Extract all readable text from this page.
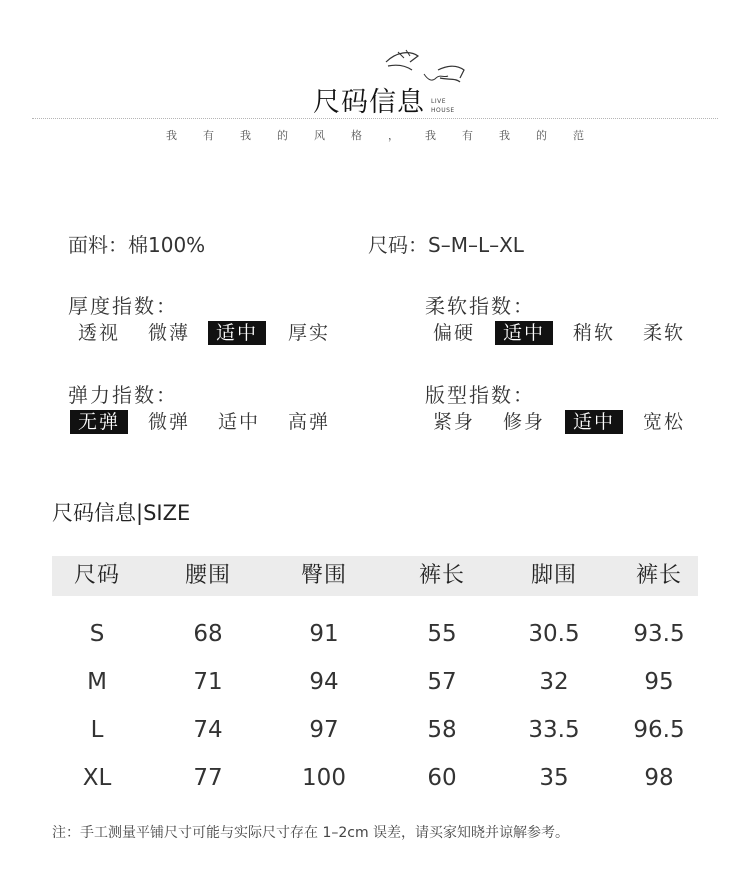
尺码信息 LIVE
HOUSE
我 有 我 的 风 格 ， 我 有 我 的 范
面料：棉100%	尺码：S–M–L–XL
厚度指数：
透视 微薄	适中	厚实
柔软指数：
偏硬	适中	稍软 柔软
弹力指数：
无弹	微弹 适中 高弹
版型指数：
紧身 修身	适中	宽松
尺码信息|SIZE
尺码	腰围	臀围	裤长	脚围	裤长
S	68	91	55	30.5	93.5
M	71	94	57	32	95
L	74	97	58	33.5	96.5
XL	77	100	60	35	98
注：手工测量平铺尺寸可能与实际尺寸存在 1–2cm 误差，请买家知晓并谅解参考。
